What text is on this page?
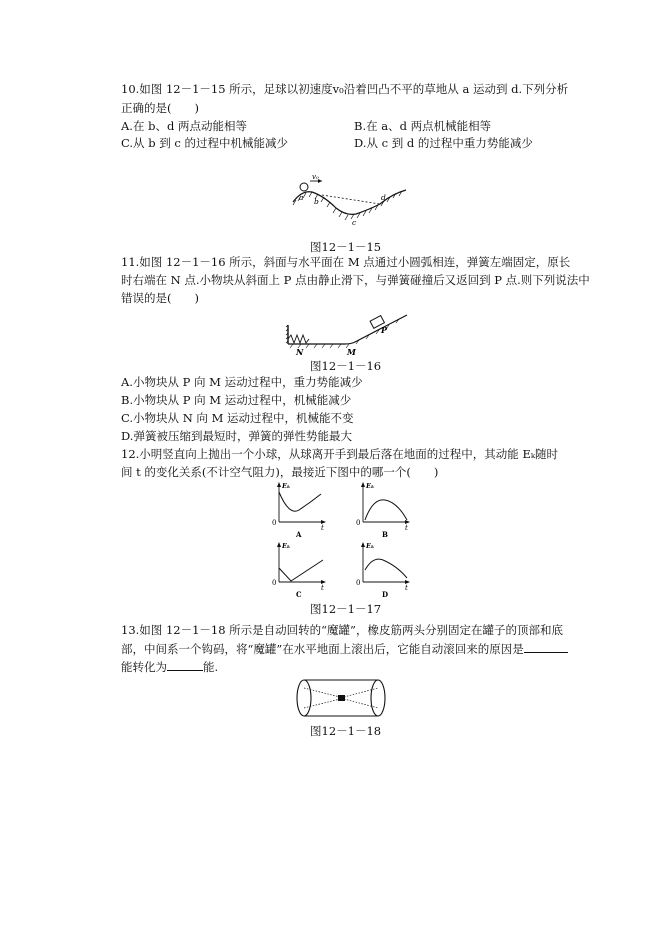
10.如图 12－1－15 所示，足球以初速度v₀沿着凹凸不平的草地从 a 运动到 d.下列分析
正确的是(　　)
A.在 b、d 两点动能相等	B.在 a、d 两点机械能相等
C.从 b 到 c 的过程中机械能减少	D.从 c 到 d 的过程中重力势能减少
v₀
a b
c
d
图12－1－15
11.如图 12－1－16 所示，斜面与水平面在 M 点通过小圆弧相连，弹簧左端固定，原长
时右端在 N 点.小物块从斜面上 P 点由静止滑下，与弹簧碰撞后又返回到 P 点.则下列说法中
错误的是(　　)
N	M
P
图12－1－16
A.小物块从 P 向 M 运动过程中，重力势能减少
B.小物块从 P 向 M 运动过程中，机械能减少
C.小物块从 N 向 M 运动过程中，机械能不变
D.弹簧被压缩到最短时，弹簧的弹性势能最大
12.小明竖直向上抛出一个小球，从球离开手到最后落在地面的过程中，其动能 Eₖ随时
间 t 的变化关系(不计空气阻力)，最接近下图中的哪一个(　　)
Eₖ
t
0
A
Eₖ
t
0
B
Eₖ
t
0
C
Eₖ
t
0
D
图12－1－17
13.如图 12－1－18 所示是自动回转的“魔罐”，橡皮筋两头分别固定在罐子的顶部和底
部，中间系一个钩码，将“魔罐”在水平地面上滚出后，它能自动滚回来的原因是
能转化为	能.
图12－1－18
